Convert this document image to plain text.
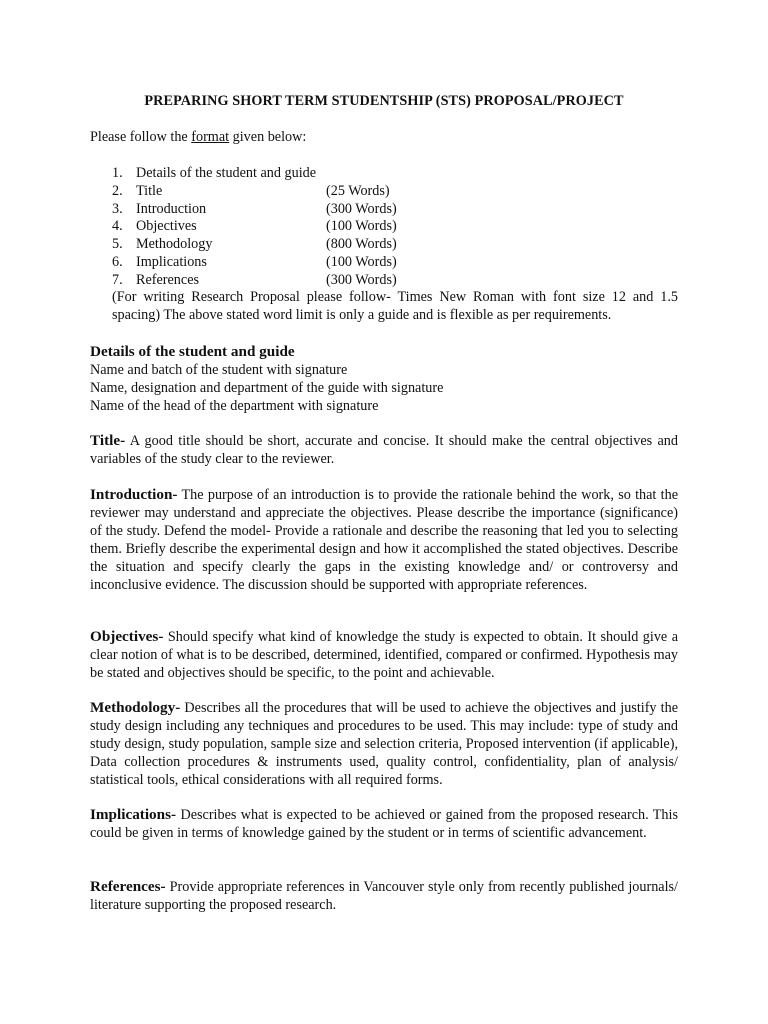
PREPARING SHORT TERM STUDENTSHIP (STS) PROPOSAL/PROJECT
Please follow the format given below:
1. Details of the student and guide
2. Title	(25 Words)
3. Introduction	(300 Words)
4. Objectives	(100 Words)
5. Methodology	(800 Words)
6. Implications	(100 Words)
7. References	(300 Words)

(For writing Research Proposal please follow- Times New Roman with font size 12 and 1.5 spacing) The above stated word limit is only a guide and is flexible as per requirements.

Details of the student and guide
Name and batch of the student with signature
Name, designation and department of the guide with signature
Name of the head of the department with signature

Title- A good title should be short, accurate and concise. It should make the central objectives and variables of the study clear to the reviewer.

Introduction- The purpose of an introduction is to provide the rationale behind the work, so that the reviewer may understand and appreciate the objectives. Please describe the importance (significance) of the study. Defend the model- Provide a rationale and describe the reasoning that led you to selecting them. Briefly describe the experimental design and how it accomplished the stated objectives. Describe the situation and specify clearly the gaps in the existing knowledge and/ or controversy and inconclusive evidence. The discussion should be supported with appropriate references.

Objectives- Should specify what kind of knowledge the study is expected to obtain. It should give a clear notion of what is to be described, determined, identified, compared or confirmed. Hypothesis may be stated and objectives should be specific, to the point and achievable.

Methodology- Describes all the procedures that will be used to achieve the objectives and justify the study design including any techniques and procedures to be used. This may include: type of study and study design, study population, sample size and selection criteria, Proposed intervention (if applicable), Data collection procedures & instruments used, quality control, confidentiality, plan of analysis/ statistical tools, ethical considerations with all required forms.

Implications- Describes what is expected to be achieved or gained from the proposed research. This could be given in terms of knowledge gained by the student or in terms of scientific advancement.

References- Provide appropriate references in Vancouver style only from recently published journals/ literature supporting the proposed research.
